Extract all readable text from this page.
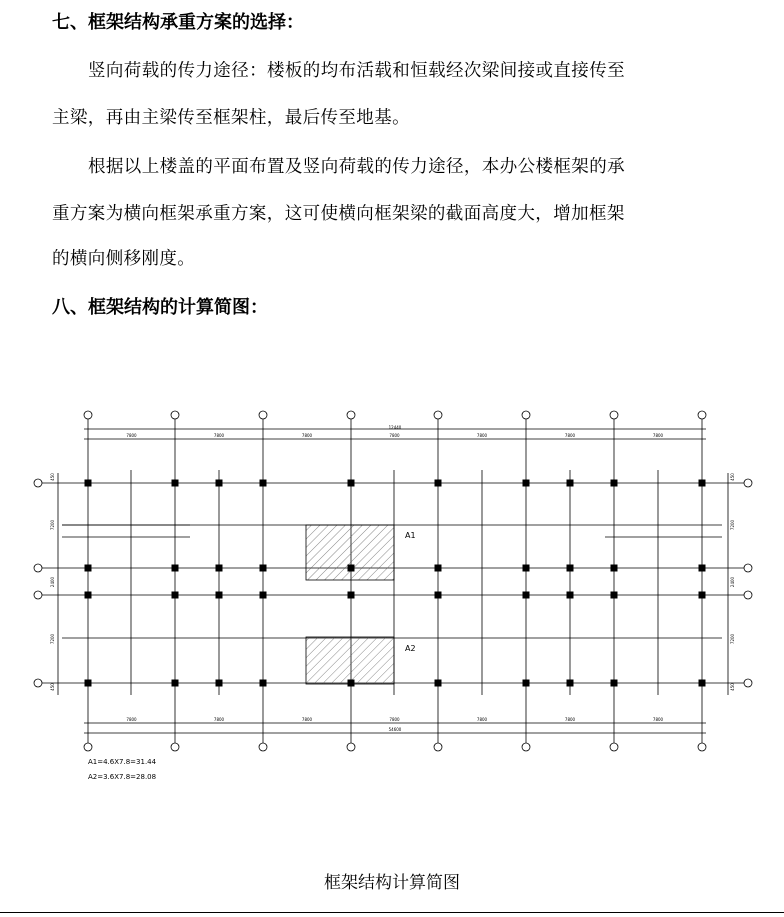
七、框架结构承重方案的选择：
竖向荷载的传力途径：楼板的均布活载和恒载经次梁间接或直接传至
主梁，再由主梁传至框架柱，最后传至地基。
根据以上楼盖的平面布置及竖向荷载的传力途径，本办公楼框架的承
重方案为横向框架承重方案，这可使横向框架梁的截面高度大，增加框架
的横向侧移刚度。
八、框架结构的计算简图：
12440
54600
A1
A2
A1=4.6X7.8=31.44
A2=3.6X7.8=28.08
7800
7800
7800
7800
7800
7800
7800
7800
7800
7800
7800
7800
7800
7800
450
7200
2400
7200
450
450
7200
2400
7200
450
框架结构计算简图
